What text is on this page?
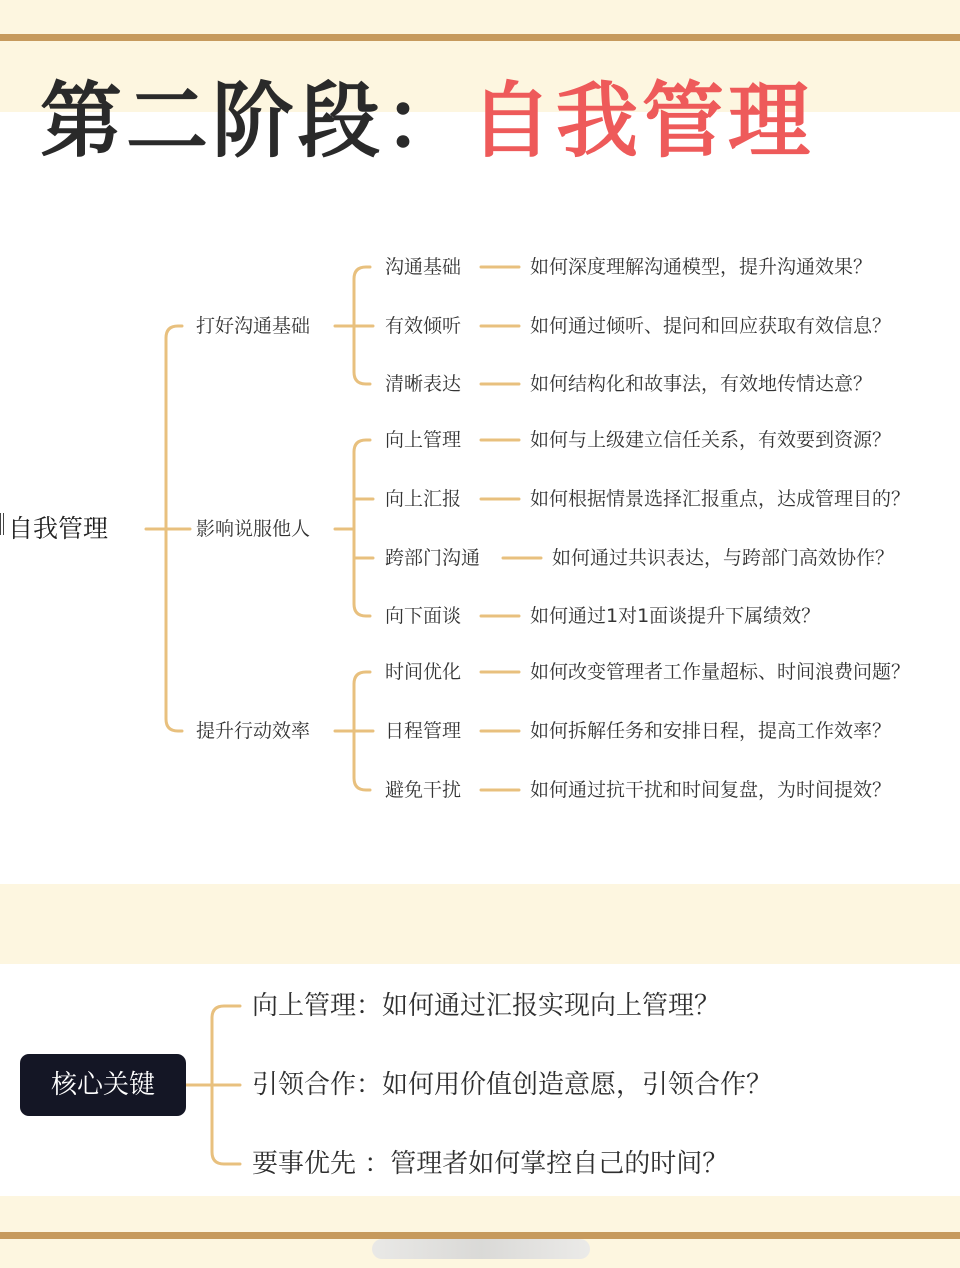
第二阶段：自我管理
自我管理
打好沟通基础
影响说服他人
提升行动效率
沟通基础	如何深度理解沟通模型，提升沟通效果？
有效倾听	如何通过倾听、提问和回应获取有效信息？
清晰表达	如何结构化和故事法，有效地传情达意？
向上管理	如何与上级建立信任关系，有效要到资源？
向上汇报	如何根据情景选择汇报重点，达成管理目的？
跨部门沟通	如何通过共识表达，与跨部门高效协作？
向下面谈	如何通过1对1面谈提升下属绩效？
时间优化	如何改变管理者工作量超标、时间浪费问题？
日程管理	如何拆解任务和安排日程，提高工作效率？
避免干扰	如何通过抗干扰和时间复盘，为时间提效？
核心关键
向上管理：如何通过汇报实现向上管理？
引领合作：如何用价值创造意愿，引领合作？
要事优先 ：管理者如何掌控自己的时间？
